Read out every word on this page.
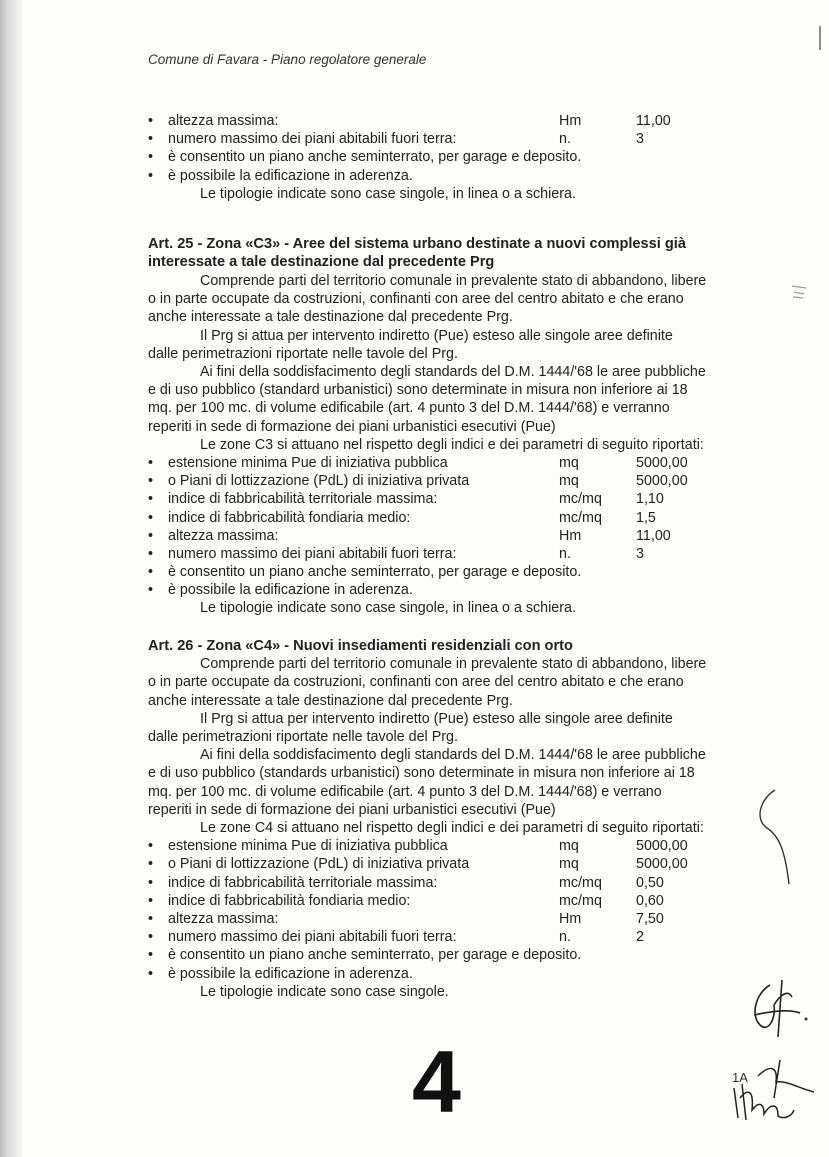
Comune di Favara - Piano regolatore generale
• altezza massima:	Hm	11,00
• numero massimo dei piani abitabili fuori terra:	n.	3
• è consentito un piano anche seminterrato, per garage e deposito.
• è possibile la edificazione in aderenza.
Le tipologie indicate sono case singole, in linea o a schiera.
Art. 25 - Zona «C3» - Aree del sistema urbano destinate a nuovi complessi già
interessate a tale destinazione dal precedente Prg
Comprende parti del territorio comunale in prevalente stato di abbandono, libere
o in parte occupate da costruzioni, confinanti con aree del centro abitato e che erano
anche interessate a tale destinazione dal precedente Prg.
Il Prg si attua per intervento indiretto (Pue) esteso alle singole aree definite
dalle perimetrazioni riportate nelle tavole del Prg.
Ai fini della soddisfacimento degli standards del D.M. 1444/'68 le aree pubbliche
e di uso pubblico (standard urbanistici) sono determinate in misura non inferiore ai 18
mq. per 100 mc. di volume edificabile (art. 4 punto 3 del D.M. 1444/'68) e verranno
reperiti in sede di formazione dei piani urbanistici esecutivi (Pue)
Le zone C3 si attuano nel rispetto degli indici e dei parametri di seguito riportati:
• estensione minima Pue di iniziativa pubblica	mq	5000,00
• o Piani di lottizzazione (PdL) di iniziativa privata	mq	5000,00
• indice di fabbricabilità territoriale massima:	mc/mq 1,10
• indice di fabbricabilità fondiaria medio:	mc/mq 1,5
• altezza massima:	Hm	11,00
• numero massimo dei piani abitabili fuori terra:	n.	3
• è consentito un piano anche seminterrato, per garage e deposito.
• è possibile la edificazione in aderenza.
Le tipologie indicate sono case singole, in linea o a schiera.
Art. 26 - Zona «C4» - Nuovi insediamenti residenziali con orto
Comprende parti del territorio comunale in prevalente stato di abbandono, libere
o in parte occupate da costruzioni, confinanti con aree del centro abitato e che erano
anche interessate a tale destinazione dal precedente Prg.
Il Prg si attua per intervento indiretto (Pue) esteso alle singole aree definite
dalle perimetrazioni riportate nelle tavole del Prg.
Ai fini della soddisfacimento degli standards del D.M. 1444/'68 le aree pubbliche
e di uso pubblico (standards urbanistici) sono determinate in misura non inferiore ai 18
mq. per 100 mc. di volume edificabile (art. 4 punto 3 del D.M. 1444/'68) e verrano
reperiti in sede di formazione dei piani urbanistici esecutivi (Pue)
Le zone C4 si attuano nel rispetto degli indici e dei parametri di seguito riportati:
• estensione minima Pue di iniziativa pubblica	mq	5000,00
• o Piani di lottizzazione (PdL) di iniziativa privata	mq	5000,00
• indice di fabbricabilità territoriale massima:	mc/mq 0,50
• indice di fabbricabilità fondiaria medio:	mc/mq 0,60
• altezza massima:	Hm	7,50
• numero massimo dei piani abitabili fuori terra:	n.	2
• è consentito un piano anche seminterrato, per garage e deposito.
• è possibile la edificazione in aderenza.
Le tipologie indicate sono case singole.
4	1A
